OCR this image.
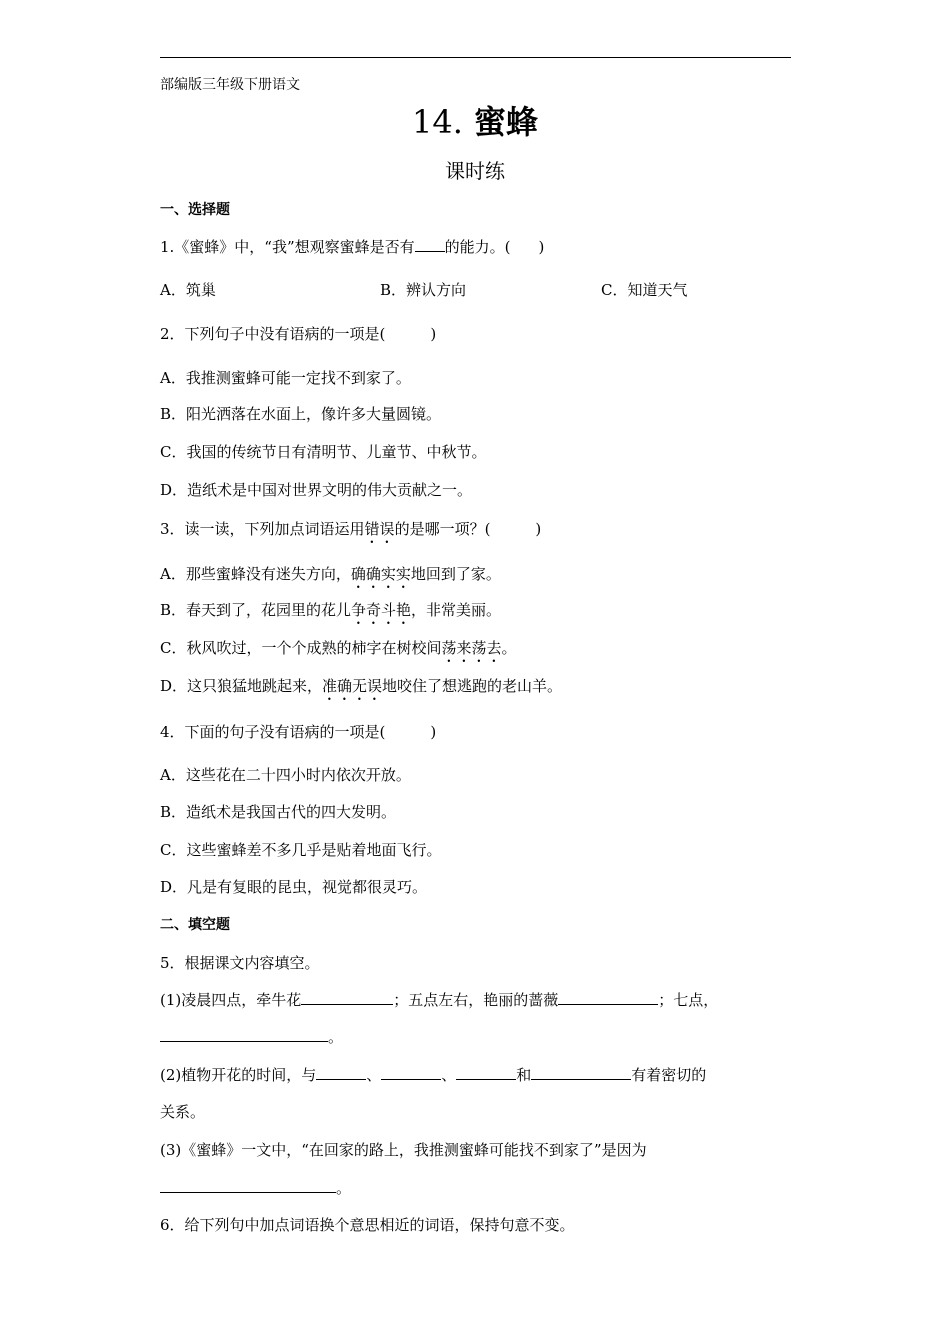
部编版三年级下册语文
14. 蜜蜂
课时练
一、选择题
1.《蜜蜂》中，“我”想观察蜜蜂是否有 的能力。( )
A．筑巢	B．辨认方向	C．知道天气
2．下列句子中没有语病的一项是(　　　)
A．我推测蜜蜂可能一定找不到家了。
B．阳光洒落在水面上，像许多大量圆镜。
C．我国的传统节日有清明节、儿童节、中秋节。
D．造纸术是中国对世界文明的伟大贡献之一。
3．读一读，下列加点词语运用错误的是哪一项？(　　　)
A．那些蜜蜂没有迷失方向，确确实实地回到了家。
B．春天到了，花园里的花儿争奇斗艳，非常美丽。
C．秋风吹过，一个个成熟的柿字在树校间荡来荡去。
D．这只狼猛地跳起来，准确无误地咬住了想逃跑的老山羊。
4．下面的句子没有语病的一项是(　　　)
A．这些花在二十四小时内依次开放。
B．造纸术是我国古代的四大发明。
C．这些蜜蜂差不多几乎是贴着地面飞行。
D．凡是有复眼的昆虫，视觉都很灵巧。
二、填空题
5．根据课文内容填空。
(1)凌晨四点，牵牛花	；五点左右，艳丽的蔷薇	；七点，
。
(2)植物开花的时间，与	、	、	和	有着密切的
关系。
(3)《蜜蜂》一文中，“在回家的路上，我推测蜜蜂可能找不到家了”是因为
。
6．给下列句中加点词语换个意思相近的词语，保持句意不变。
